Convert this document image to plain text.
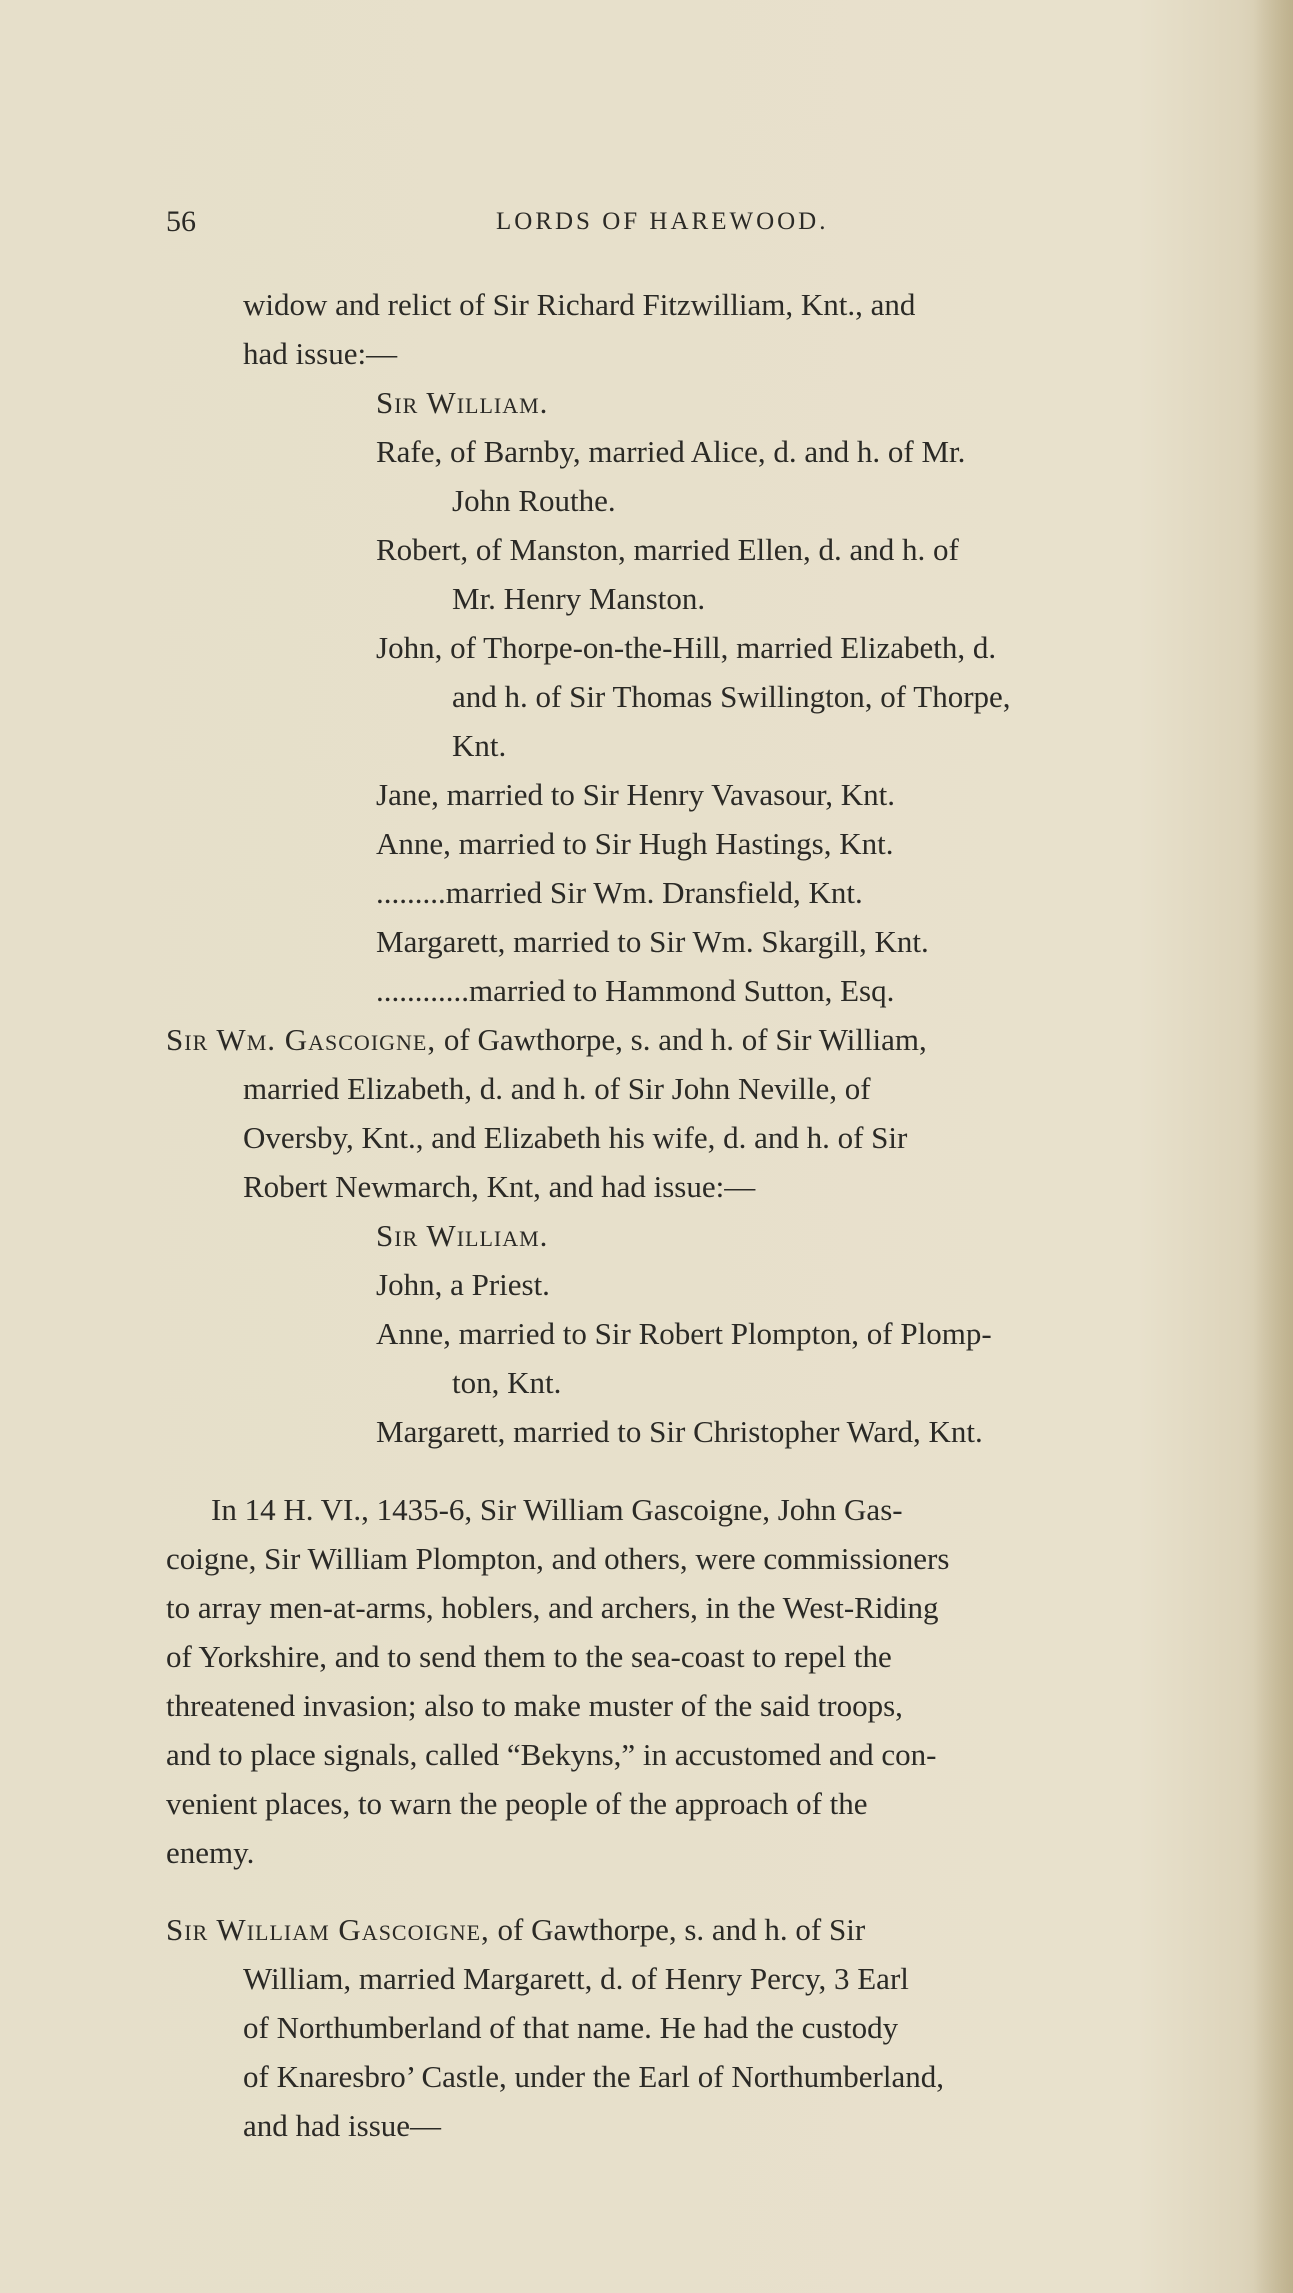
56	LORDS OF HAREWOOD.
widow and relict of Sir Richard Fitzwilliam, Knt., and
had issue:—
Sir William.
Rafe, of Barnby, married Alice, d. and h. of Mr.
John Routhe.
Robert, of Manston, married Ellen, d. and h. of
Mr. Henry Manston.
John, of Thorpe-on-the-Hill, married Elizabeth, d.
and h. of Sir Thomas Swillington, of Thorpe,
Knt.
Jane, married to Sir Henry Vavasour, Knt.
Anne, married to Sir Hugh Hastings, Knt.
.........married Sir Wm. Dransfield, Knt.
Margarett, married to Sir Wm. Skargill, Knt.
............married to Hammond Sutton, Esq.
Sir Wm. Gascoigne, of Gawthorpe, s. and h. of Sir William,
married Elizabeth, d. and h. of Sir John Neville, of
Oversby, Knt., and Elizabeth his wife, d. and h. of Sir
Robert Newmarch, Knt, and had issue:—
Sir William.
John, a Priest.
Anne, married to Sir Robert Plompton, of Plomp-
ton, Knt.
Margarett, married to Sir Christopher Ward, Knt.
In 14 H. VI., 1435-6, Sir William Gascoigne, John Gas-
coigne, Sir William Plompton, and others, were commissioners
to array men-at-arms, hoblers, and archers, in the West-Riding
of Yorkshire, and to send them to the sea-coast to repel the
threatened invasion; also to make muster of the said troops,
and to place signals, called “Bekyns,” in accustomed and con-
venient places, to warn the people of the approach of the
enemy.
Sir William Gascoigne, of Gawthorpe, s. and h. of Sir
William, married Margarett, d. of Henry Percy, 3 Earl
of Northumberland of that name. He had the custody
of Knaresbro’ Castle, under the Earl of Northumberland,
and had issue—
